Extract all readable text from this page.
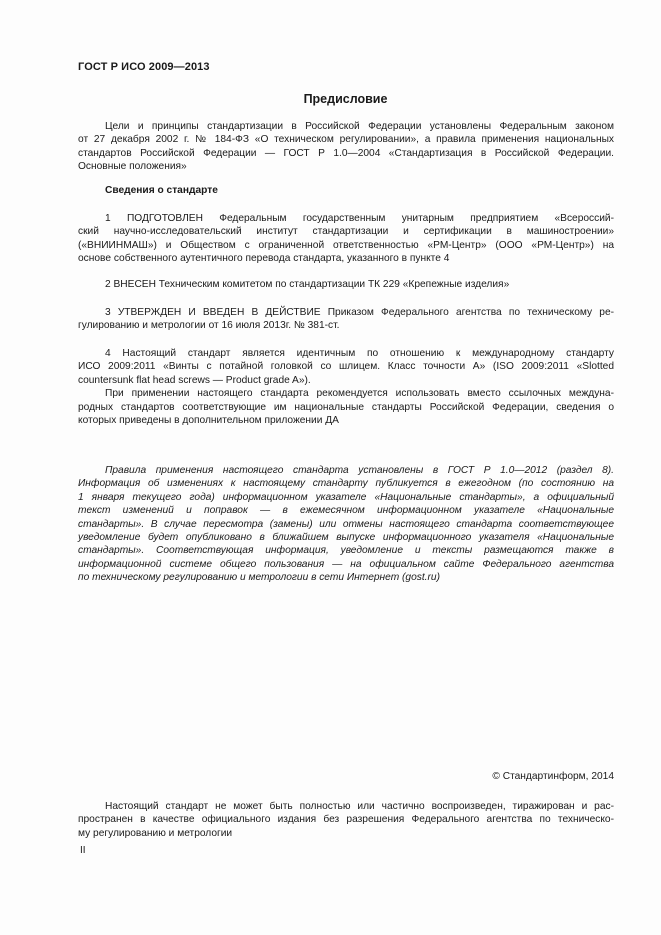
ГОСТ Р ИСО 2009—2013
Предисловие
Цели и принципы стандартизации в Российской Федерации установлены Федеральным законом
от 27 декабря 2002 г. № 184-ФЗ «О техническом регулировании», а правила применения национальных
стандартов Российской Федерации — ГОСТ Р 1.0—2004 «Стандартизация в Российской Федерации.
Основные положения»
Сведения о стандарте
1 ПОДГОТОВЛЕН Федеральным государственным унитарным предприятием «Всероссий-
ский научно-исследовательский институт стандартизации и сертификации в машиностроении»
(«ВНИИНМАШ») и Обществом с ограниченной ответственностью «РМ-Центр» (ООО «РМ-Центр») на
основе собственного аутентичного перевода стандарта, указанного в пункте 4
2 ВНЕСЕН Техническим комитетом по стандартизации ТК 229 «Крепежные изделия»
3 УТВЕРЖДЕН И ВВЕДЕН В ДЕЙСТВИЕ Приказом Федерального агентства по техническому ре-
гулированию и метрологии от 16 июля 2013г. № 381-ст.
4 Настоящий стандарт является идентичным по отношению к международному стандарту
ИСО 2009:2011 «Винты с потайной головкой со шлицем. Класс точности А» (ISO 2009:2011 «Slotted
countersunk flat head screws — Product grade A»).
При применении настоящего стандарта рекомендуется использовать вместо ссылочных междуна-
родных стандартов соответствующие им национальные стандарты Российской Федерации, сведения о
которых приведены в дополнительном приложении ДА
Правила применения настоящего стандарта установлены в ГОСТ Р 1.0—2012 (раздел 8).
Информация об изменениях к настоящему стандарту публикуется в ежегодном (по состоянию на
1 января текущего года) информационном указателе «Национальные стандарты», а официальный
текст изменений и поправок — в ежемесячном информационном указателе «Национальные
стандарты». В случае пересмотра (замены) или отмены настоящего стандарта соответствующее
уведомление будет опубликовано в ближайшем выпуске информационного указателя «Национальные
стандарты». Соответствующая информация, уведомление и тексты размещаются также в
информационной системе общего пользования — на официальном сайте Федерального агентства
по техническому регулированию и метрологии в сети Интернет (gost.ru)
© Стандартинформ, 2014
Настоящий стандарт не может быть полностью или частично воспроизведен, тиражирован и рас-
пространен в качестве официального издания без разрешения Федерального агентства по техническо-
му регулированию и метрологии
II
